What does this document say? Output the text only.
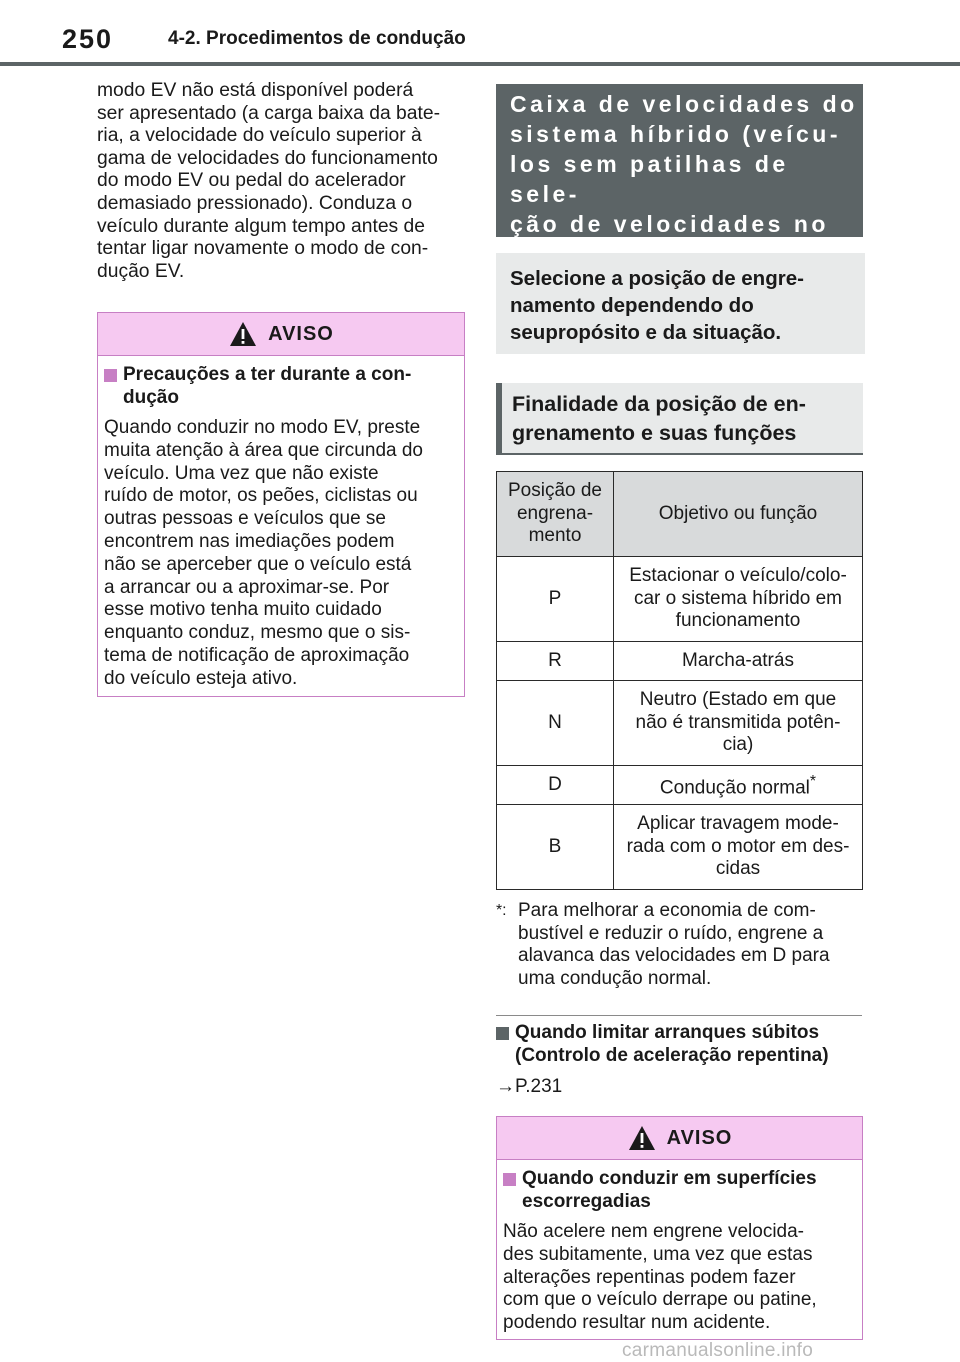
250	4-2. Procedimentos de condução
modo EV não está disponível poderá
ser apresentado (a carga baixa da bate-
ria, a velocidade do veículo superior à
gama de velocidades do funcionamento
do modo EV ou pedal do acelerador
demasiado pressionado). Conduza o
veículo durante algum tempo antes de
tentar ligar novamente o modo de con-
dução EV.
AVISO
Precauções a ter durante a con-
dução
Quando conduzir no modo EV, preste
muita atenção à área que circunda do
veículo. Uma vez que não existe
ruído de motor, os peões, ciclistas ou
outras pessoas e veículos que se
encontrem nas imediações podem
não se aperceber que o veículo está
a arrancar ou a aproximar-se. Por
esse motivo tenha muito cuidado
enquanto conduz, mesmo que o sis-
tema de notificação de aproximação
do veículo esteja ativo.
Caixa de velocidades do
sistema híbrido (veícu-
los sem patilhas de sele-
ção de velocidades no
Selecione a posição de engre-namento dependendo do seupropósito e da situação.
Finalidade da posição de en-
grenamento e suas funções
Posição de
engrena-
mento	Objetivo ou função
P	Estacionar o veículo/colo-
car o sistema híbrido em
funcionamento
R	Marcha-atrás
N	Neutro (Estado em que
não é transmitida potên-
cia)
D	Condução normal*
B	Aplicar travagem mode-
rada com o motor em des-
cidas
*: Para melhorar a economia de com-
bustível e reduzir o ruído, engrene a
alavanca das velocidades em D para
uma condução normal.
Quando limitar arranques súbitos
(Controlo de aceleração repentina)
→P.231
AVISO
Quando conduzir em superfícies
escorregadias
Não acelere nem engrene velocida-
des subitamente, uma vez que estas
alterações repentinas podem fazer
com que o veículo derrape ou patine,
podendo resultar num acidente.
carmanualsonline.info
